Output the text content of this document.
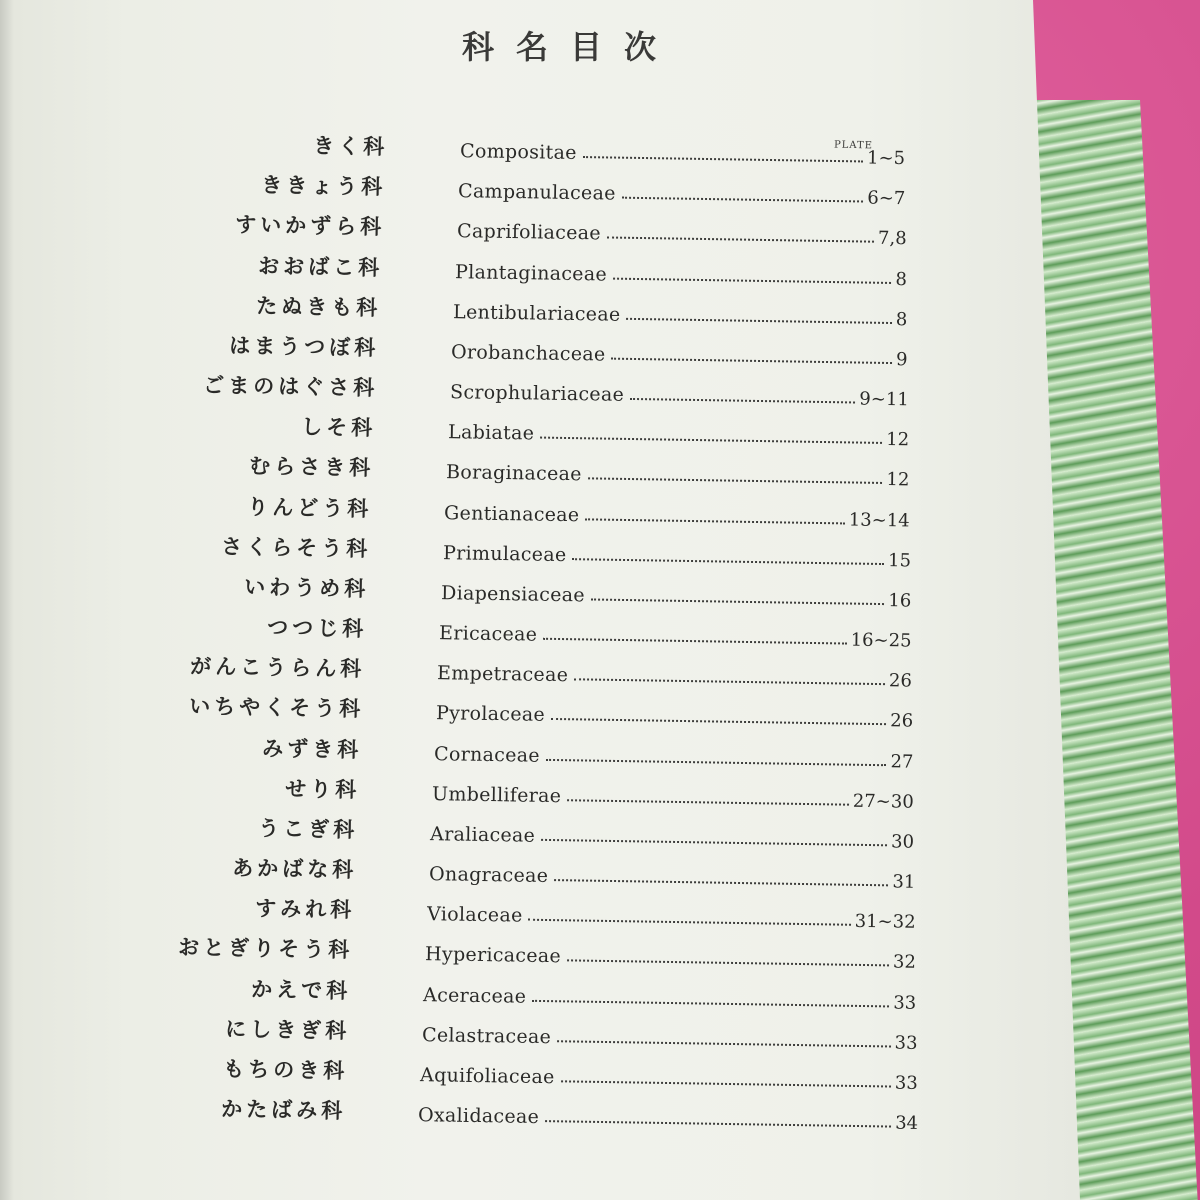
科名目次
PLATE
きく科	Compositae	1~5
ききょう科	Campanulaceae	6~7
すいかずら科	Caprifoliaceae	7,8
おおばこ科	Plantaginaceae	8
たぬきも科	Lentibulariaceae	8
はまうつぼ科	Orobanchaceae	9
ごまのはぐさ科	Scrophulariaceae	9~11
しそ科	Labiatae	12
むらさき科	Boraginaceae	12
りんどう科	Gentianaceae	13~14
さくらそう科	Primulaceae	15
いわうめ科	Diapensiaceae	16
つつじ科	Ericaceae	16~25
がんこうらん科	Empetraceae	26
いちやくそう科	Pyrolaceae	26
みずき科	Cornaceae	27
せり科	Umbelliferae	27~30
うこぎ科	Araliaceae	30
あかばな科	Onagraceae	31
すみれ科	Violaceae	31~32
おとぎりそう科	Hypericaceae	32
かえで科	Aceraceae	33
にしきぎ科	Celastraceae	33
もちのき科	Aquifoliaceae	33
かたばみ科	Oxalidaceae	34
